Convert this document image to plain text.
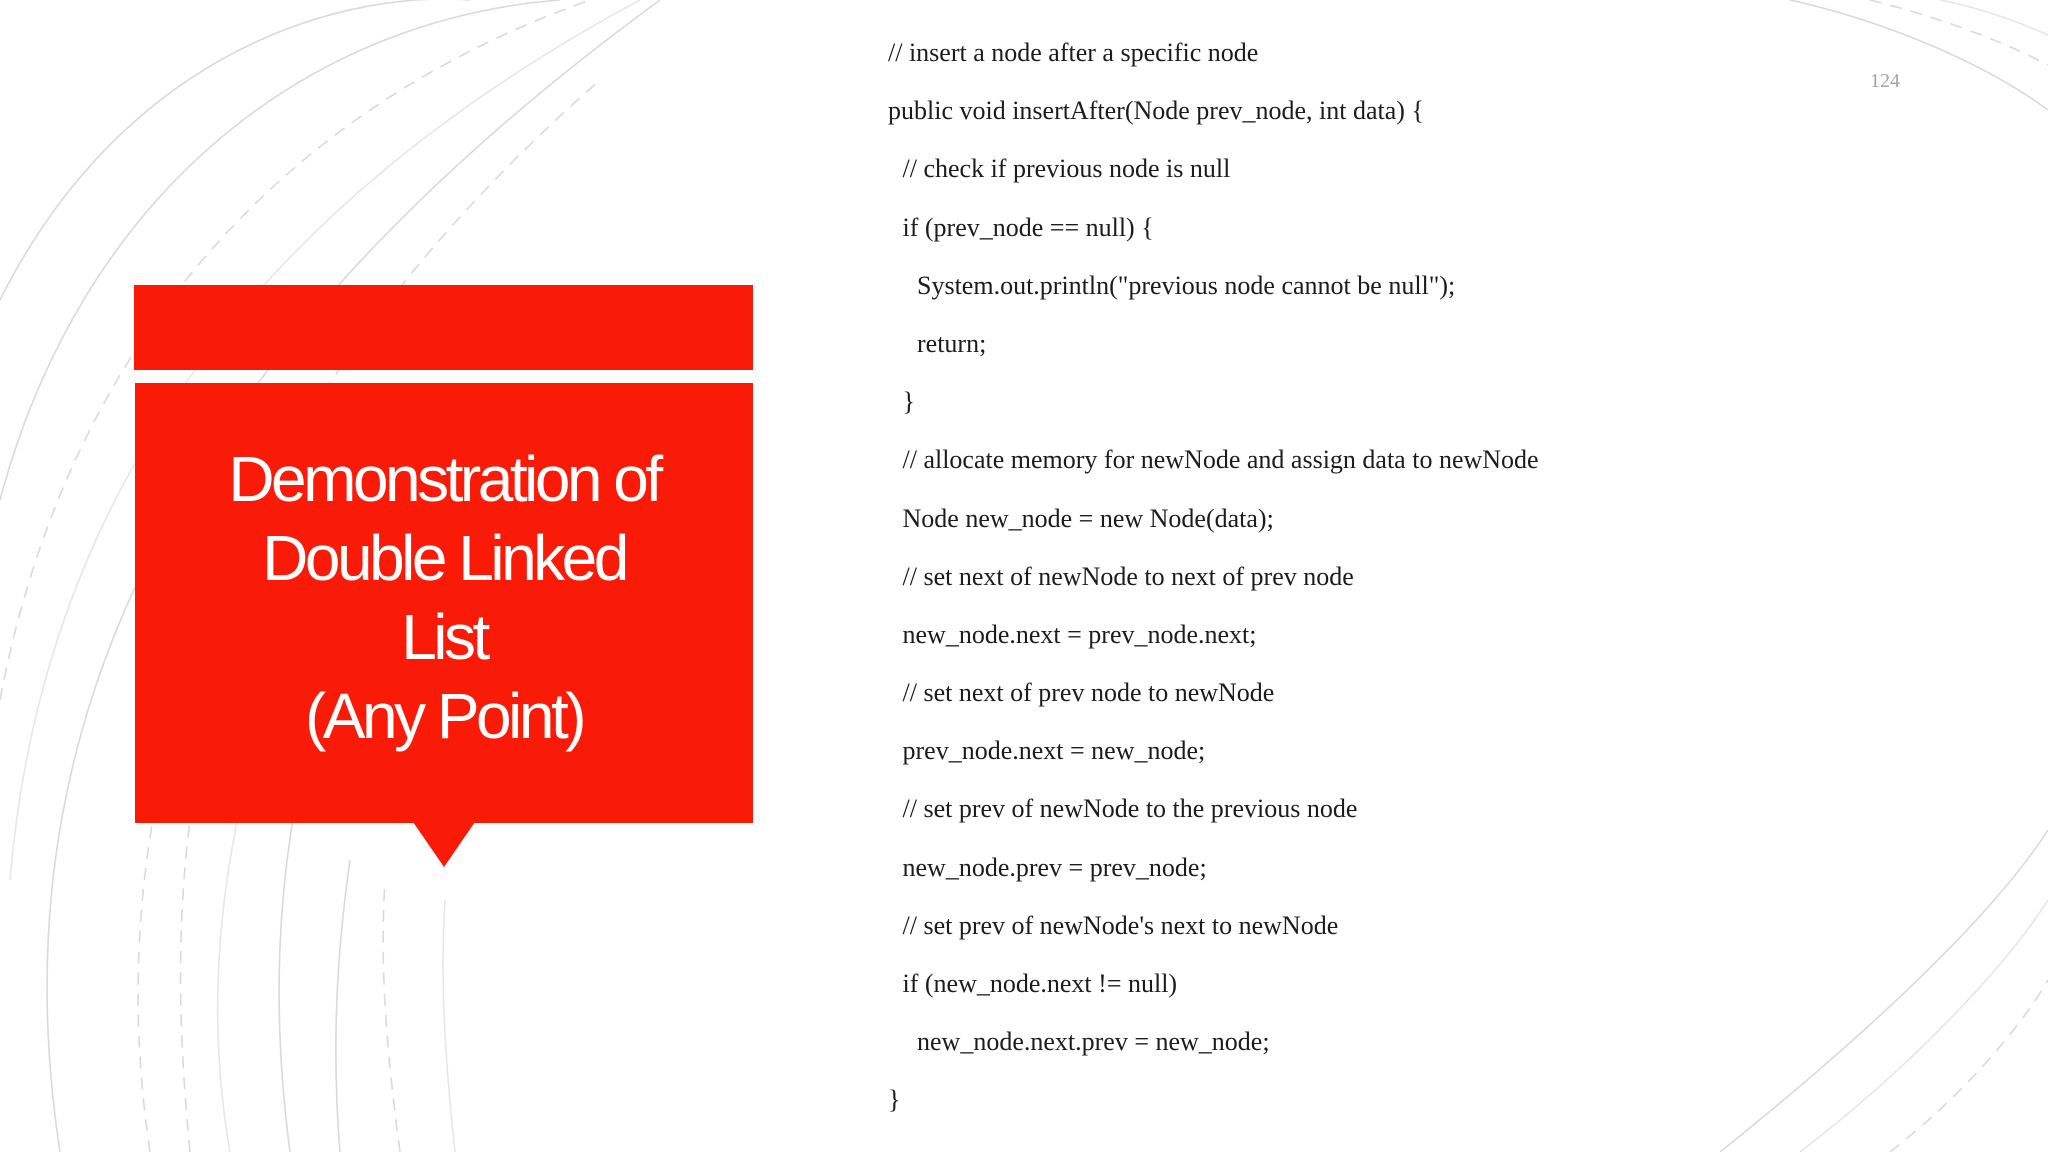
Demonstration of
Double Linked
List
(Any Point)
124
// insert a node after a specific node
public void insertAfter(Node prev_node, int data) {
// check if previous node is null
if (prev_node == null) {
System.out.println("previous node cannot be null");
return;
}
// allocate memory for newNode and assign data to newNode
Node new_node = new Node(data);
// set next of newNode to next of prev node
new_node.next = prev_node.next;
// set next of prev node to newNode
prev_node.next = new_node;
// set prev of newNode to the previous node
new_node.prev = prev_node;
// set prev of newNode's next to newNode
if (new_node.next != null)
new_node.next.prev = new_node;
}
